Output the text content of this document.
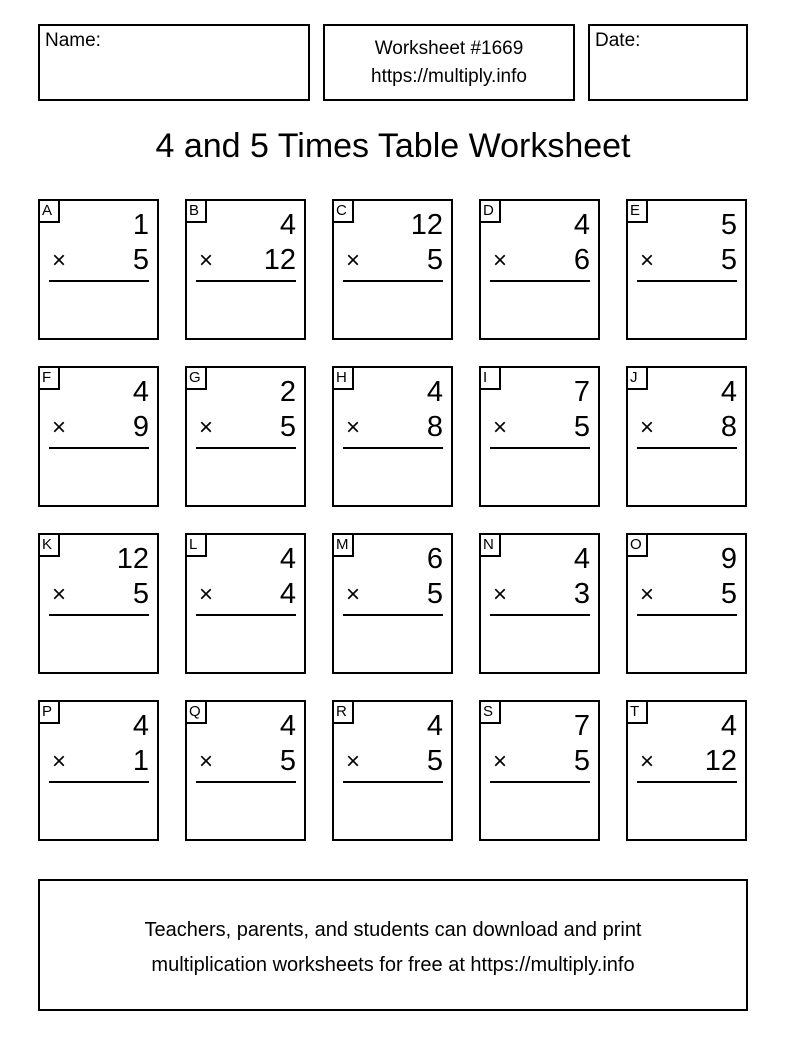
Name:	Worksheet #1669
https://multiply.info
Date:
4 and 5 Times Table Worksheet
A	1
× 5
B	4
× 12
C 12
× 5
D	4
× 6
E	5
× 5
F	4
× 9
G	2
× 5
H	4
× 8
I	7
× 5
J	4
× 8
K 12
× 5
L	4
× 4
M	6
× 5
N	4
× 3
O	9
× 5
P	4
× 1
Q	4
× 5
R	4
× 5
S	7
× 5
T	4
× 12
Teachers, parents, and students can download and print
multiplication worksheets for free at https://multiply.info
